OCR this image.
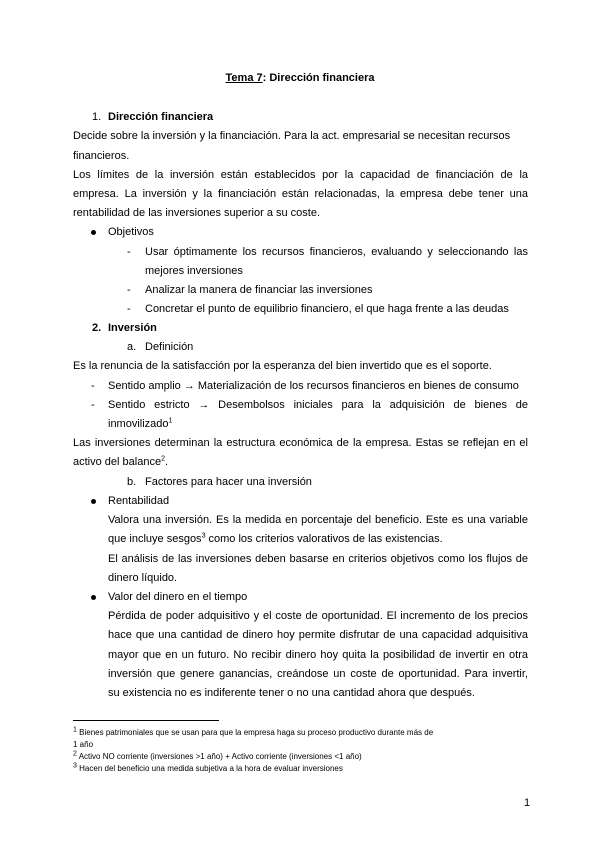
Tema 7: Dirección financiera
1. Dirección financiera
Decide sobre la inversión y la financiación. Para la act. empresarial se necesitan recursos
financieros.
Los límites de la inversión están establecidos por la capacidad de financiación de la
empresa. La inversión y la financiación están relacionadas, la empresa debe tener una
rentabilidad de las inversiones superior a su coste.
Objetivos
- Usar óptimamente los recursos financieros, evaluando y seleccionando las
mejores inversiones
- Analizar la manera de financiar las inversiones
- Concretar el punto de equilibrio financiero, el que haga frente a las deudas
2. Inversión
a. Definición
Es la renuncia de la satisfacción por la esperanza del bien invertido que es el soporte.
- Sentido amplio → Materialización de los recursos financieros en bienes de consumo
- Sentido estricto → Desembolsos iniciales para la adquisición de bienes de
inmovilizado$^1$
Las inversiones determinan la estructura económica de la empresa. Estas se reflejan en el
activo del balance$^2$.
b. Factores para hacer una inversión
Rentabilidad
Valora una inversión. Es la medida en porcentaje del beneficio. Este es una variable
que incluye sesgos$^3$ como los criterios valorativos de las existencias.
El análisis de las inversiones deben basarse en criterios objetivos como los flujos de
dinero líquido.
Valor del dinero en el tiempo
Pérdida de poder adquisitivo y el coste de oportunidad. El incremento de los precios
hace que una cantidad de dinero hoy permite disfrutar de una capacidad adquisitiva
mayor que en un futuro. No recibir dinero hoy quita la posibilidad de invertir en otra
inversión que genere ganancias, creándose un coste de oportunidad. Para invertir,
su existencia no es indiferente tener o no una cantidad ahora que después.
$^1$ Bienes patrimoniales que se usan para que la empresa haga su proceso productivo durante más de
1 año
$^2$ Activo NO corriente (inversiones >1 año) + Activo corriente (inversiones <1 año)
$^3$ Hacen del beneficio una medida subjetiva a la hora de evaluar inversiones
1
